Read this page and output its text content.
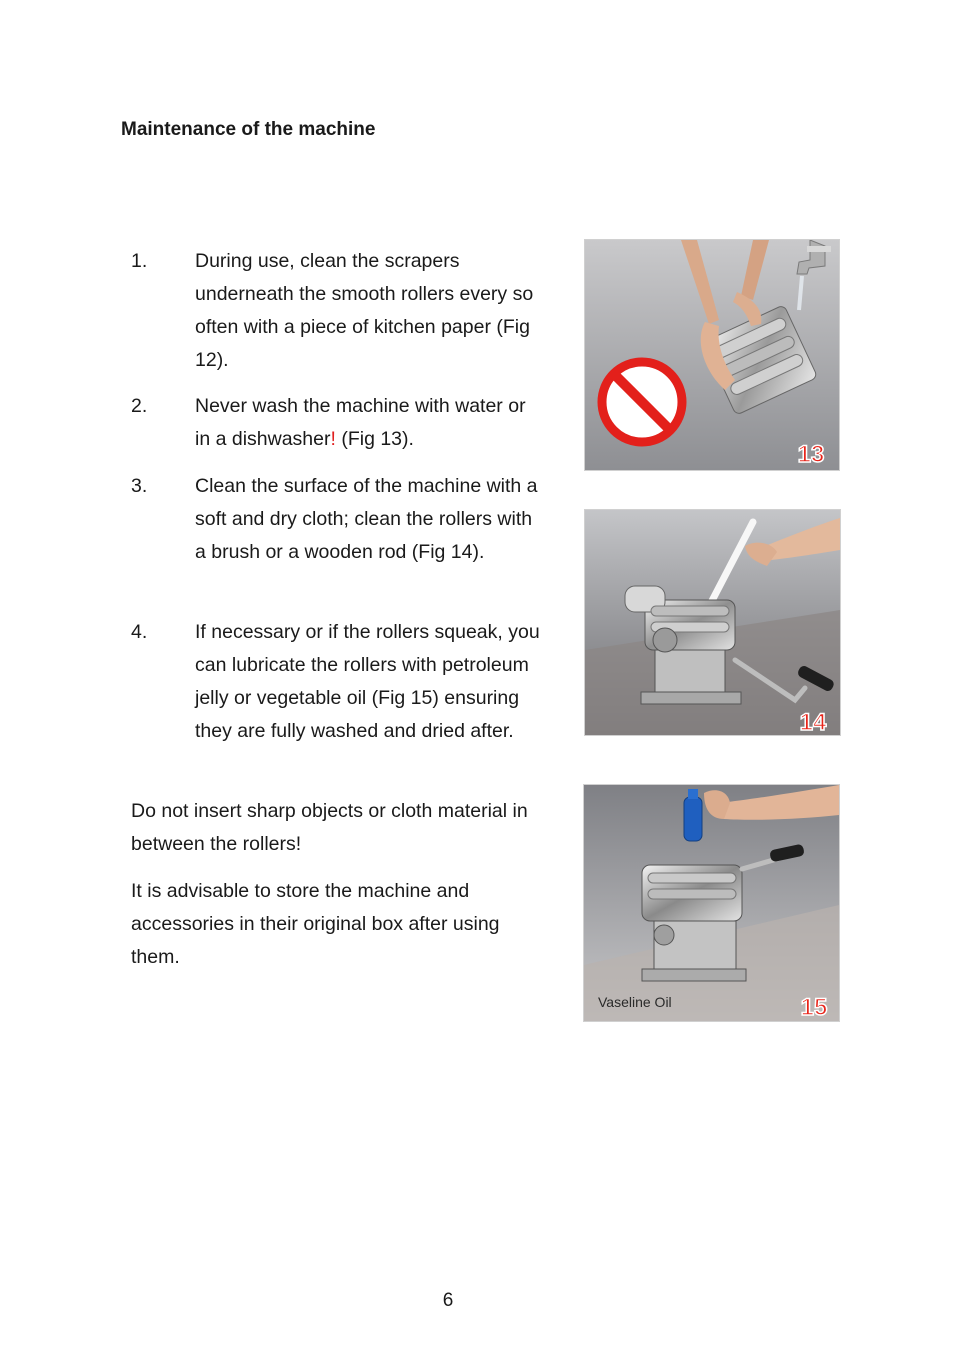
Maintenance of the machine
1. During use, clean the scrapers underneath the smooth rollers every so often with a piece of kitchen paper (Fig 12).
2. Never wash the machine with water or in a dishwasher! (Fig 13).
3. Clean the surface of the machine with a soft and dry cloth; clean the rollers with a brush or a wooden rod (Fig 14).
4. If necessary or if the rollers squeak, you can lubricate the rollers with petroleum jelly or vegetable oil (Fig 15) ensuring they are fully washed and dried after.

Do not insert sharp objects or cloth material in between the rollers!

It is advisable to store the machine and accessories in their original box after using them.

13
14
Vaseline Oil	15
6
